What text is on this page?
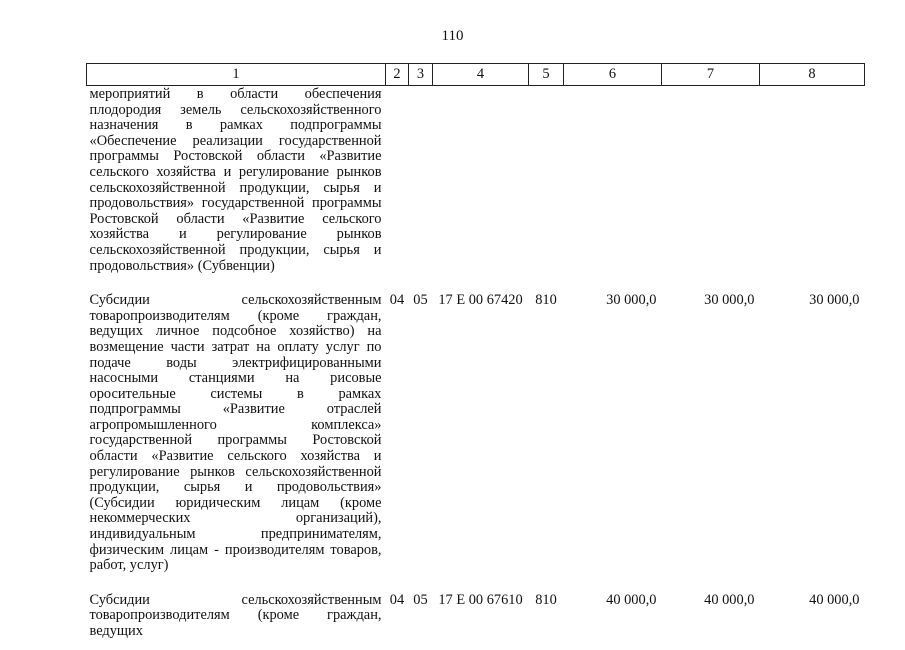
110
1	2	3	4	5	6	7	8
мероприятий в области обеспечения плодородия земель сельскохозяйственного назначения в рамках подпрограммы «Обеспечение реализации государственной программы Ростовской области «Развитие сельского хозяйства и регулирование рынков сельскохозяйственной продукции, сырья и продовольствия» государственной программы Ростовской области «Развитие сельского хозяйства и регулирование рынков сельскохозяйственной продукции, сырья и продовольствия» (Субвенции)							
Субсидии сельскохозяйственным товаропроизводителям (кроме граждан, ведущих личное подсобное хозяйство) на возмещение части затрат на оплату услуг по подаче воды электрифицированными насосными станциями на рисовые оросительные системы в рамках подпрограммы «Развитие отраслей агропромышленного комплекса» государственной программы Ростовской области «Развитие сельского хозяйства и регулирование рынков сельскохозяйственной продукции, сырья и продовольствия» (Субсидии юридическим лицам (кроме некоммерческих организаций), индивидуальным предпринимателям, физическим лицам - производителям товаров, работ, услуг)	04	05	17 Е 00 67420	810	30 000,0	30 000,0	30 000,0
Субсидии сельскохозяйственным товаропроизводителям (кроме граждан, ведущих	04	05	17 Е 00 67610	810	40 000,0	40 000,0	40 000,0
